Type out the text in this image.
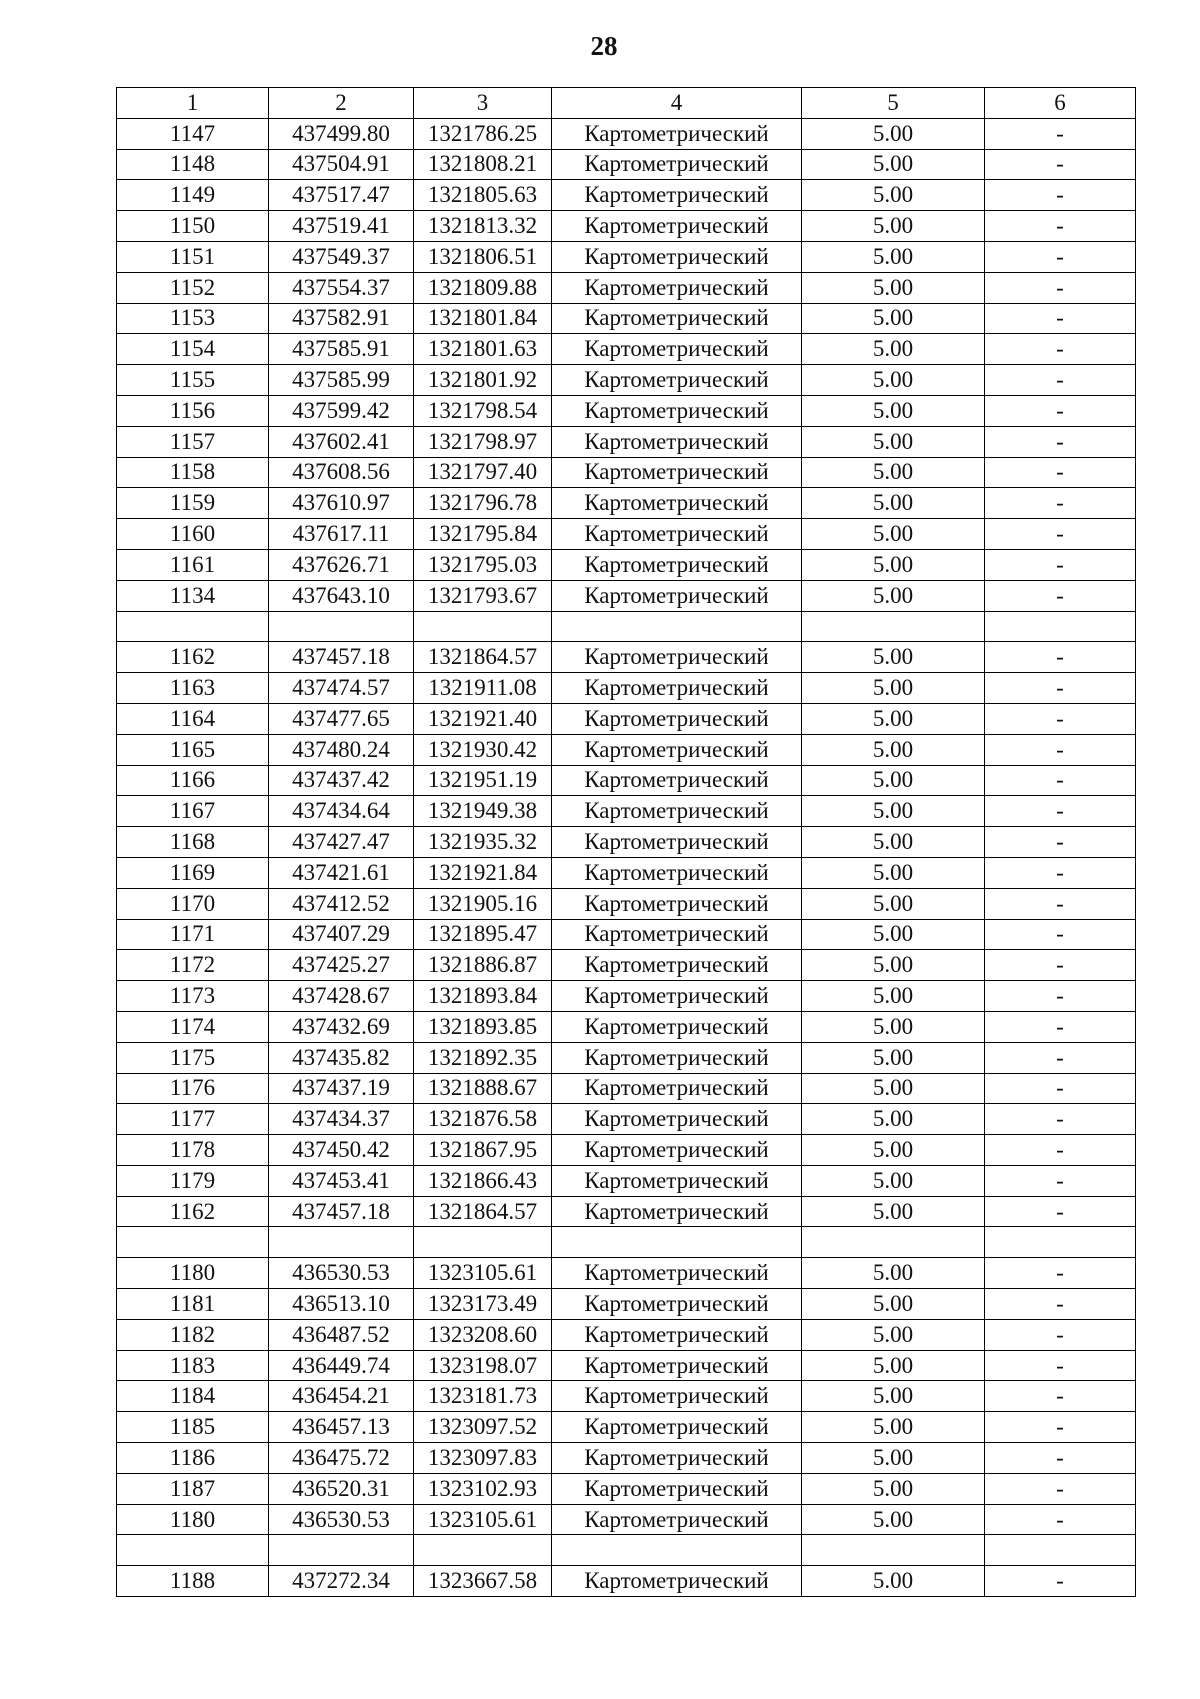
28
1	2	3	4	5	6
1147	437499.80	1321786.25	Картометрический	5.00	-
1148	437504.91	1321808.21	Картометрический	5.00	-
1149	437517.47	1321805.63	Картометрический	5.00	-
1150	437519.41	1321813.32	Картометрический	5.00	-
1151	437549.37	1321806.51	Картометрический	5.00	-
1152	437554.37	1321809.88	Картометрический	5.00	-
1153	437582.91	1321801.84	Картометрический	5.00	-
1154	437585.91	1321801.63	Картометрический	5.00	-
1155	437585.99	1321801.92	Картометрический	5.00	-
1156	437599.42	1321798.54	Картометрический	5.00	-
1157	437602.41	1321798.97	Картометрический	5.00	-
1158	437608.56	1321797.40	Картометрический	5.00	-
1159	437610.97	1321796.78	Картометрический	5.00	-
1160	437617.11	1321795.84	Картометрический	5.00	-
1161	437626.71	1321795.03	Картометрический	5.00	-
1134	437643.10	1321793.67	Картометрический	5.00	-

1162	437457.18	1321864.57	Картометрический	5.00	-
1163	437474.57	1321911.08	Картометрический	5.00	-
1164	437477.65	1321921.40	Картометрический	5.00	-
1165	437480.24	1321930.42	Картометрический	5.00	-
1166	437437.42	1321951.19	Картометрический	5.00	-
1167	437434.64	1321949.38	Картометрический	5.00	-
1168	437427.47	1321935.32	Картометрический	5.00	-
1169	437421.61	1321921.84	Картометрический	5.00	-
1170	437412.52	1321905.16	Картометрический	5.00	-
1171	437407.29	1321895.47	Картометрический	5.00	-
1172	437425.27	1321886.87	Картометрический	5.00	-
1173	437428.67	1321893.84	Картометрический	5.00	-
1174	437432.69	1321893.85	Картометрический	5.00	-
1175	437435.82	1321892.35	Картометрический	5.00	-
1176	437437.19	1321888.67	Картометрический	5.00	-
1177	437434.37	1321876.58	Картометрический	5.00	-
1178	437450.42	1321867.95	Картометрический	5.00	-
1179	437453.41	1321866.43	Картометрический	5.00	-
1162	437457.18	1321864.57	Картометрический	5.00	-

1180	436530.53	1323105.61	Картометрический	5.00	-
1181	436513.10	1323173.49	Картометрический	5.00	-
1182	436487.52	1323208.60	Картометрический	5.00	-
1183	436449.74	1323198.07	Картометрический	5.00	-
1184	436454.21	1323181.73	Картометрический	5.00	-
1185	436457.13	1323097.52	Картометрический	5.00	-
1186	436475.72	1323097.83	Картометрический	5.00	-
1187	436520.31	1323102.93	Картометрический	5.00	-
1180	436530.53	1323105.61	Картометрический	5.00	-

1188	437272.34	1323667.58	Картометрический	5.00	-
